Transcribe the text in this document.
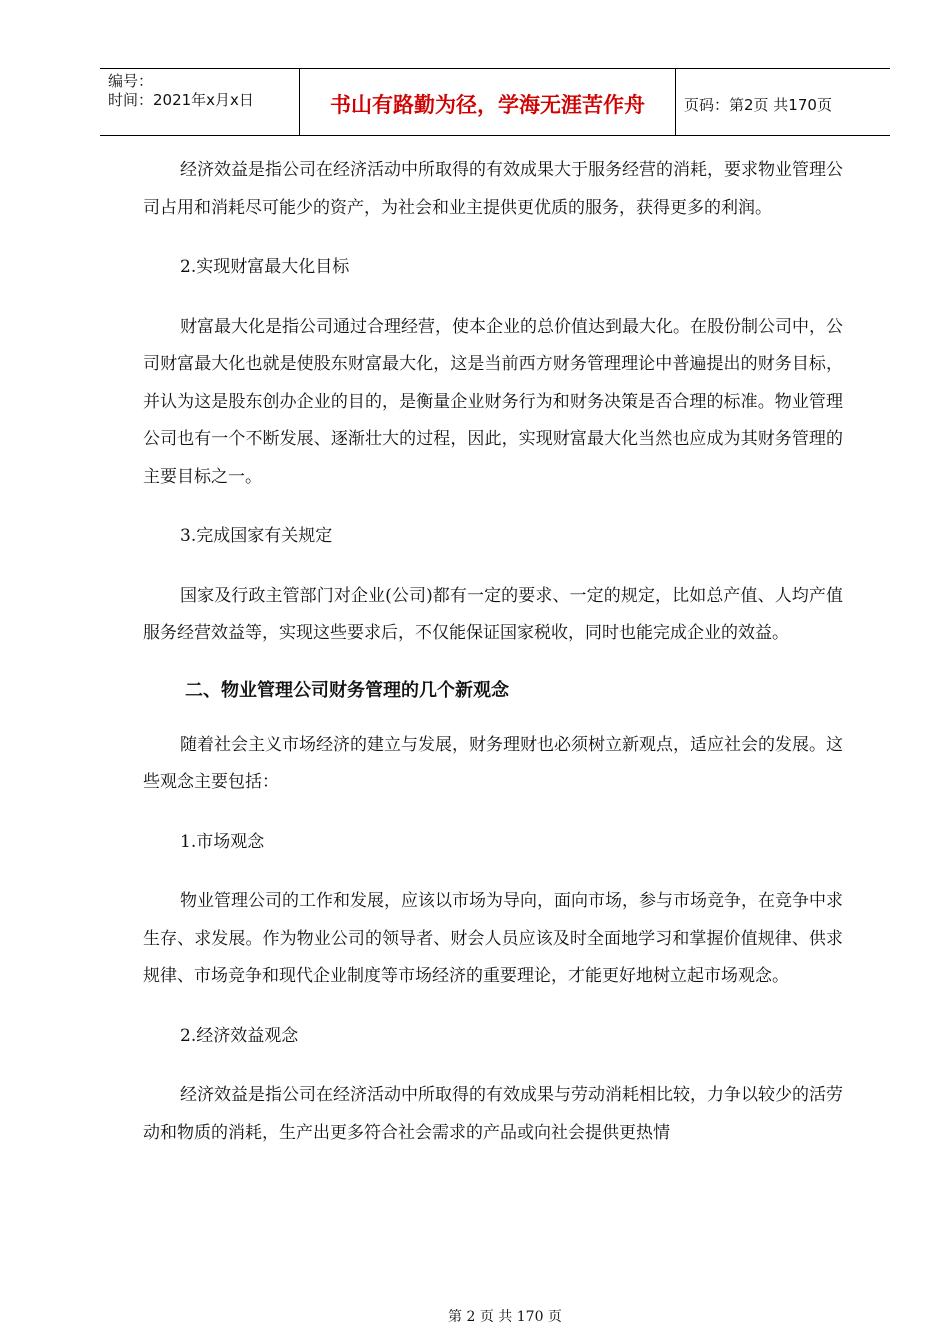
编号：
时间：2021年x月x日	书山有路勤为径，学海无涯苦作舟	页码：第2页 共170页

经济效益是指公司在经济活动中所取得的有效成果大于服务经营的消耗，要求物业管理公司占用和消耗尽可能少的资产，为社会和业主提供更优质的服务，获得更多的利润。

2.实现财富最大化目标

财富最大化是指公司通过合理经营，使本企业的总价值达到最大化。在股份制公司中，公司财富最大化也就是使股东财富最大化，这是当前西方财务管理理论中普遍提出的财务目标，并认为这是股东创办企业的目的，是衡量企业财务行为和财务决策是否合理的标准。物业管理公司也有一个不断发展、逐渐壮大的过程，因此，实现财富最大化当然也应成为其财务管理的主要目标之一。

3.完成国家有关规定

国家及行政主管部门对企业(公司)都有一定的要求、一定的规定，比如总产值、人均产值服务经营效益等，实现这些要求后，不仅能保证国家税收，同时也能完成企业的效益。

二、物业管理公司财务管理的几个新观念

随着社会主义市场经济的建立与发展，财务理财也必须树立新观点，适应社会的发展。这些观念主要包括：

1.市场观念

物业管理公司的工作和发展，应该以市场为导向，面向市场，参与市场竞争，在竞争中求生存、求发展。作为物业公司的领导者、财会人员应该及时全面地学习和掌握价值规律、供求规律、市场竞争和现代企业制度等市场经济的重要理论，才能更好地树立起市场观念。

2.经济效益观念

经济效益是指公司在经济活动中所取得的有效成果与劳动消耗相比较，力争以较少的活劳动和物质的消耗，生产出更多符合社会需求的产品或向社会提供更热情

第 2 页 共 170 页
